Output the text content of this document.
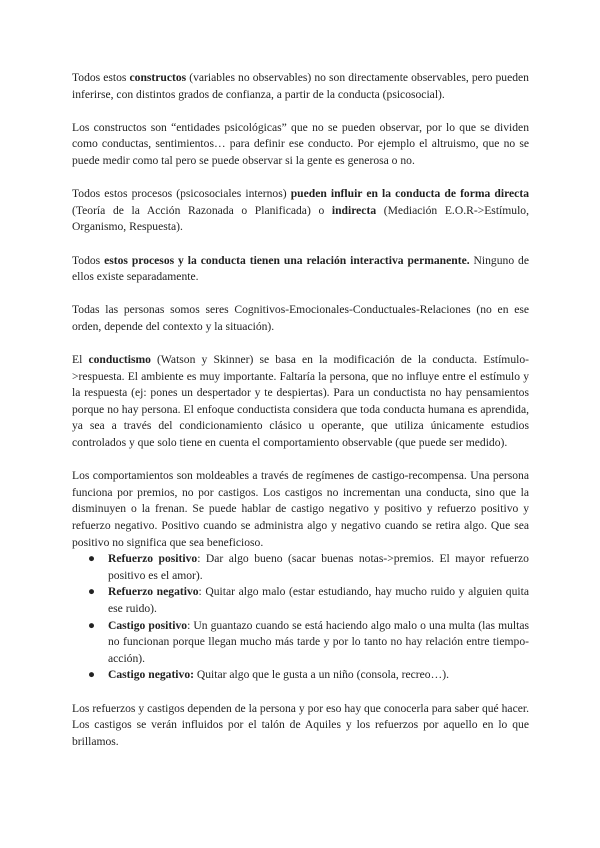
Todos estos constructos (variables no observables) no son directamente observables, pero pueden inferirse, con distintos grados de confianza, a partir de la conducta (psicosocial).

Los constructos son “entidades psicológicas” que no se pueden observar, por lo que se dividen como conductas, sentimientos… para definir ese conducto. Por ejemplo el altruismo, que no se puede medir como tal pero se puede observar si la gente es generosa o no.

Todos estos procesos (psicosociales internos) pueden influir en la conducta de forma directa (Teoría de la Acción Razonada o Planificada) o indirecta (Mediación E.O.R->Estímulo, Organismo, Respuesta).

Todos estos procesos y la conducta tienen una relación interactiva permanente. Ninguno de ellos existe separadamente.

Todas las personas somos seres Cognitivos-Emocionales-Conductuales-Relaciones (no en ese orden, depende del contexto y la situación).

El conductismo (Watson y Skinner) se basa en la modificación de la conducta. Estímulo->respuesta. El ambiente es muy importante. Faltaría la persona, que no influye entre el estímulo y la respuesta (ej: pones un despertador y te despiertas). Para un conductista no hay pensamientos porque no hay persona. El enfoque conductista considera que toda conducta humana es aprendida, ya sea a través del condicionamiento clásico u operante, que utiliza únicamente estudios controlados y que solo tiene en cuenta el comportamiento observable (que puede ser medido).

Los comportamientos son moldeables a través de regímenes de castigo-recompensa. Una persona funciona por premios, no por castigos. Los castigos no incrementan una conducta, sino que la disminuyen o la frenan. Se puede hablar de castigo negativo y positivo y refuerzo positivo y refuerzo negativo. Positivo cuando se administra algo y negativo cuando se retira algo. Que sea positivo no significa que sea beneficioso.

● Refuerzo positivo: Dar algo bueno (sacar buenas notas->premios. El mayor refuerzo positivo es el amor).
● Refuerzo negativo: Quitar algo malo (estar estudiando, hay mucho ruido y alguien quita ese ruido).
● Castigo positivo: Un guantazo cuando se está haciendo algo malo o una multa (las multas no funcionan porque llegan mucho más tarde y por lo tanto no hay relación entre tiempo-acción).
● Castigo negativo: Quitar algo que le gusta a un niño (consola, recreo…).

Los refuerzos y castigos dependen de la persona y por eso hay que conocerla para saber qué hacer. Los castigos se verán influidos por el talón de Aquiles y los refuerzos por aquello en lo que brillamos.
